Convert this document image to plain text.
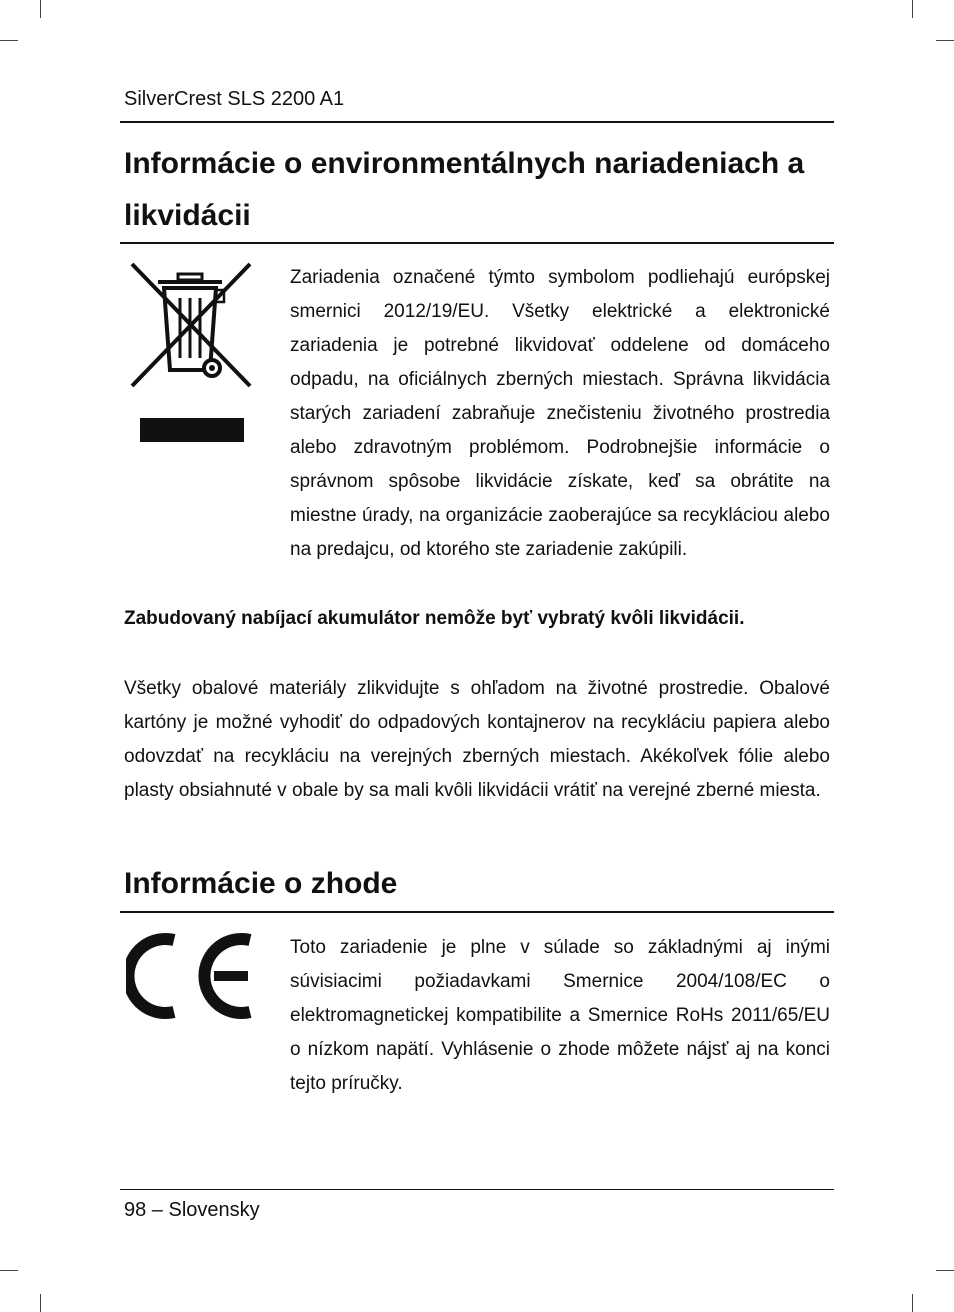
SilverCrest SLS 2200 A1
Informácie o environmentálnych nariadeniach a likvidácii
Zariadenia označené týmto symbolom podliehajú európskej smernici 2012/19/EU. Všetky elektrické a elektronické zariadenia je potrebné likvidovať oddelene od domáceho odpadu, na oficiálnych zberných miestach. Správna likvidácia starých zariadení zabraňuje znečisteniu životného prostredia alebo zdravotným problémom. Podrobnejšie informácie o správnom spôsobe likvidácie získate, keď sa obrátite na miestne úrady, na organizácie zaoberajúce sa recykláciou alebo na predajcu, od ktorého ste zariadenie zakúpili.
Zabudovaný nabíjací akumulátor nemôže byť vybratý kvôli likvidácii.
Všetky obalové materiály zlikvidujte s ohľadom na životné prostredie. Obalové kartóny je možné vyhodiť do odpadových kontajnerov na recykláciu papiera alebo odovzdať na recykláciu na verejných zberných miestach. Akékoľvek fólie alebo plasty obsiahnuté v obale by sa mali kvôli likvidácii vrátiť na verejné zberné miesta.
Informácie o zhode
Toto zariadenie je plne v súlade so základnými aj inými súvisiacimi požiadavkami Smernice 2004/108/EC o elektromagnetickej kompatibilite a Smernice RoHs 2011/65/EU o nízkom napätí. Vyhlásenie o zhode môžete nájsť aj na konci tejto príručky.
98 – Slovensky
